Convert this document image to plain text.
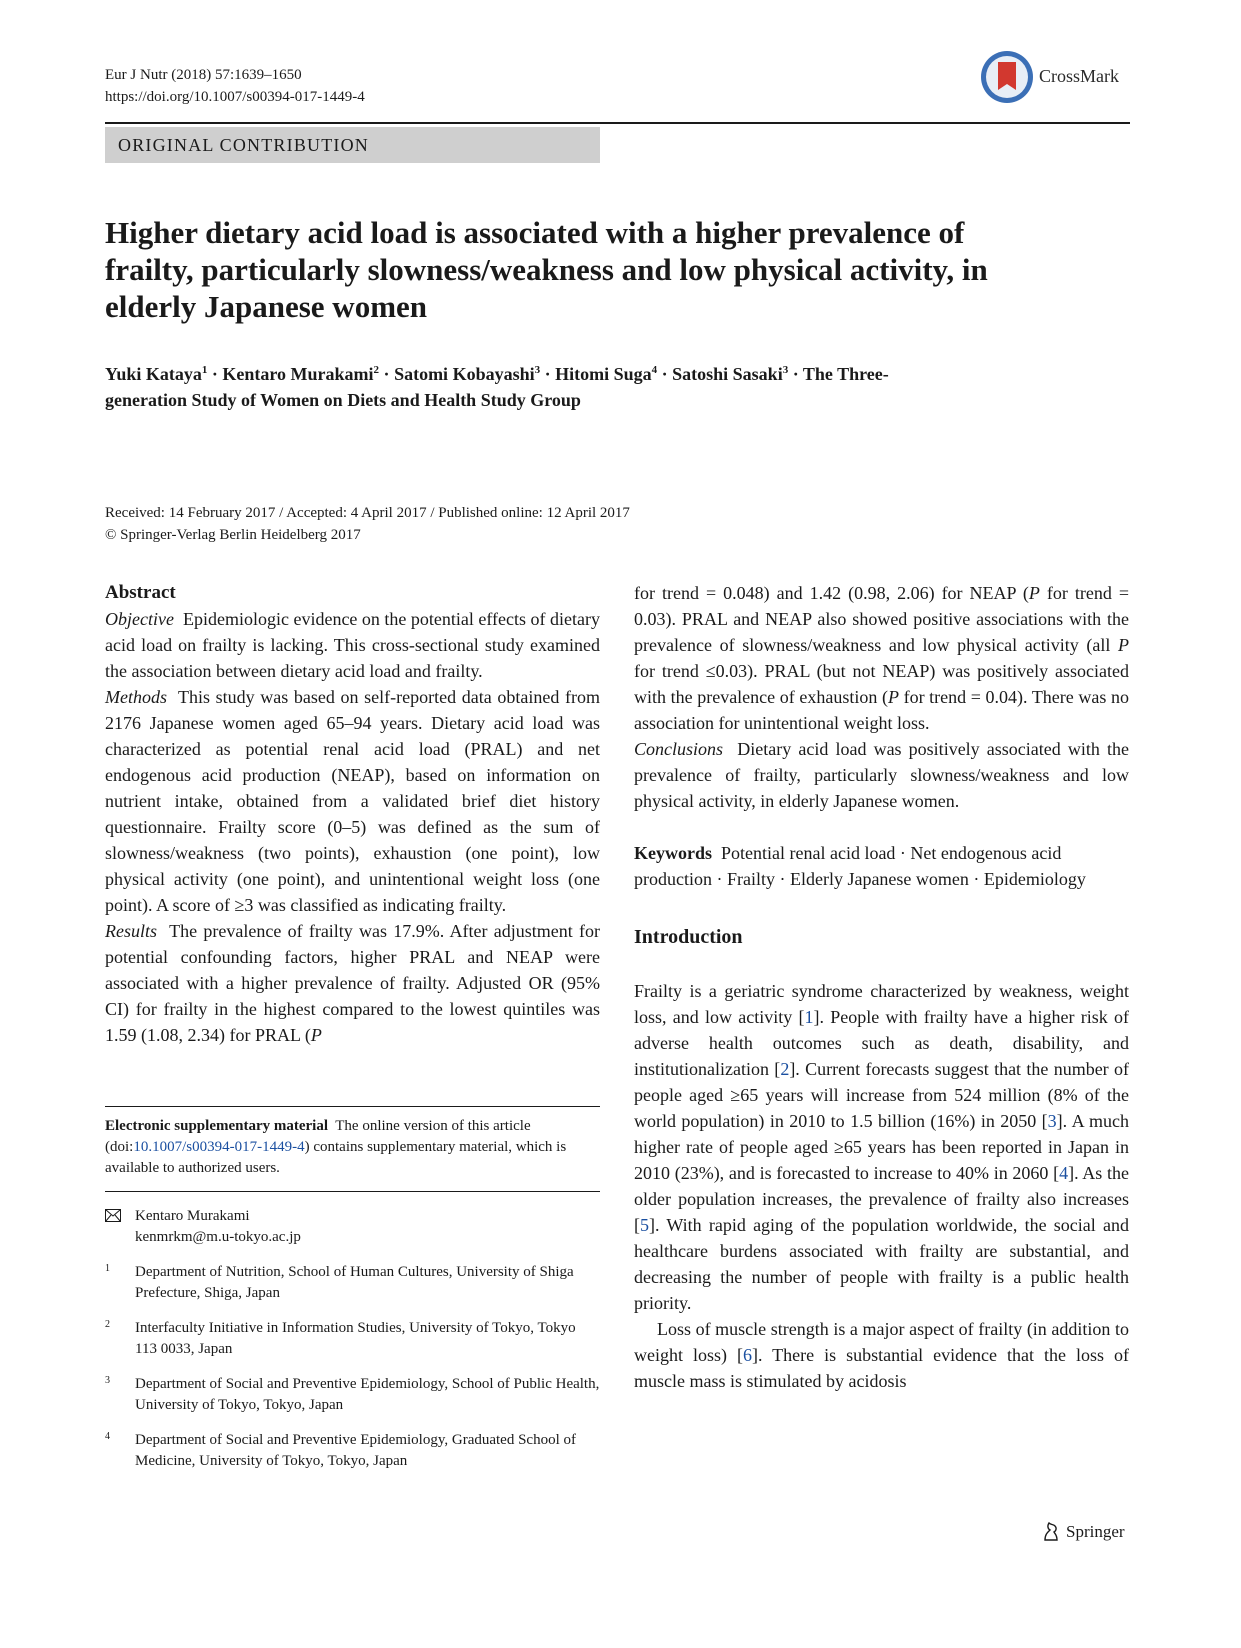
Eur J Nutr (2018) 57:1639–1650
https://doi.org/10.1007/s00394-017-1449-4
CrossMark
ORIGINAL CONTRIBUTION
Higher dietary acid load is associated with a higher prevalence of frailty, particularly slowness/weakness and low physical activity, in elderly Japanese women
Yuki Kataya$^1$ · Kentaro Murakami$^2$ · Satomi Kobayashi$^3$ · Hitomi Suga$^4$ · Satoshi Sasaki$^3$ · The Three-generation Study of Women on Diets and Health Study Group
Received: 14 February 2017 / Accepted: 4 April 2017 / Published online: 12 April 2017
© Springer-Verlag Berlin Heidelberg 2017

Abstract

Objective Epidemiologic evidence on the potential effects of dietary acid load on frailty is lacking. This cross-sectional study examined the association between dietary acid load and frailty.

Methods This study was based on self-reported data obtained from 2176 Japanese women aged 65–94 years. Dietary acid load was characterized as potential renal acid load (PRAL) and net endogenous acid production (NEAP), based on information on nutrient intake, obtained from a validated brief diet history questionnaire. Frailty score (0–5) was defined as the sum of slowness/weakness (two points), exhaustion (one point), low physical activity (one point), and unintentional weight loss (one point). A score of ≥3 was classified as indicating frailty.

Results The prevalence of frailty was 17.9%. After adjustment for potential confounding factors, higher PRAL and NEAP were associated with a higher prevalence of frailty. Adjusted OR (95% CI) for frailty in the highest compared to the lowest quintiles was 1.59 (1.08, 2.34) for PRAL (P

Electronic supplementary material The online version of this article (doi:10.1007/s00394-017-1449-4) contains supplementary material, which is available to authorized users.

Kentaro Murakami
kenmrkm@m.u-tokyo.ac.jp
1 Department of Nutrition, School of Human Cultures, University of Shiga Prefecture, Shiga, Japan
2 Interfaculty Initiative in Information Studies, University of Tokyo, Tokyo 113 0033, Japan
3 Department of Social and Preventive Epidemiology, School of Public Health, University of Tokyo, Tokyo, Japan
4 Department of Social and Preventive Epidemiology, Graduated School of Medicine, University of Tokyo, Tokyo, Japan

for trend = 0.048) and 1.42 (0.98, 2.06) for NEAP (P for trend = 0.03). PRAL and NEAP also showed positive associations with the prevalence of slowness/weakness and low physical activity (all P for trend ≤0.03). PRAL (but not NEAP) was positively associated with the prevalence of exhaustion (P for trend = 0.04). There was no association for unintentional weight loss.

Conclusions Dietary acid load was positively associated with the prevalence of frailty, particularly slowness/weakness and low physical activity, in elderly Japanese women.

Keywords Potential renal acid load · Net endogenous acid production · Frailty · Elderly Japanese women · Epidemiology

Introduction

Frailty is a geriatric syndrome characterized by weakness, weight loss, and low activity [1]. People with frailty have a higher risk of adverse health outcomes such as death, disability, and institutionalization [2]. Current forecasts suggest that the number of people aged ≥65 years will increase from 524 million (8% of the world population) in 2010 to 1.5 billion (16%) in 2050 [3]. A much higher rate of people aged ≥65 years has been reported in Japan in 2010 (23%), and is forecasted to increase to 40% in 2060 [4]. As the older population increases, the prevalence of frailty also increases [5]. With rapid aging of the population worldwide, the social and healthcare burdens associated with frailty are substantial, and decreasing the number of people with frailty is a public health priority.

Loss of muscle strength is a major aspect of frailty (in addition to weight loss) [6]. There is substantial evidence that the loss of muscle mass is stimulated by acidosis

Springer
